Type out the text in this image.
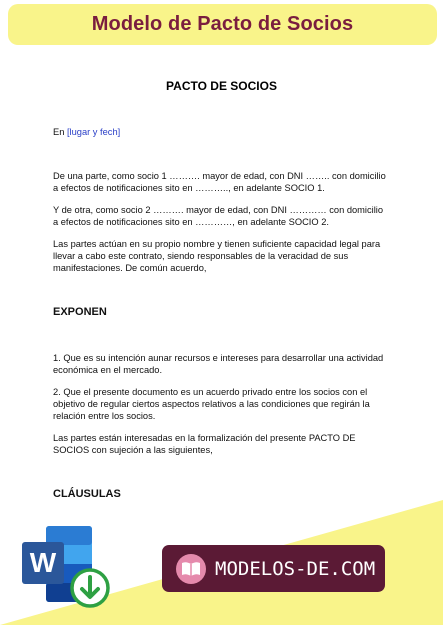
Modelo de Pacto de Socios
PACTO DE SOCIOS
En [lugar y fech]
De una parte, como socio 1 ………. mayor de edad, con DNI …….. con domicilio a efectos de notificaciones sito en ……….., en adelante SOCIO 1.
Y de otra, como socio 2 ………. mayor de edad, con DNI ………… con domicilio a efectos de notificaciones sito en …………, en adelante SOCIO 2.
Las partes actúan en su propio nombre y tienen suficiente capacidad legal para llevar a cabo este contrato, siendo responsables de la veracidad de sus manifestaciones. De común acuerdo,
EXPONEN
1. Que es su intención aunar recursos e intereses para desarrollar una actividad económica en el mercado.
2. Que el presente documento es un acuerdo privado entre los socios con el objetivo de regular ciertos aspectos relativos a las condiciones que regirán la relación entre los socios.
Las partes están interesadas en la formalización del presente PACTO DE SOCIOS con sujeción a las siguientes,
CLÁUSULAS
W	MODELOS-DE.COM
